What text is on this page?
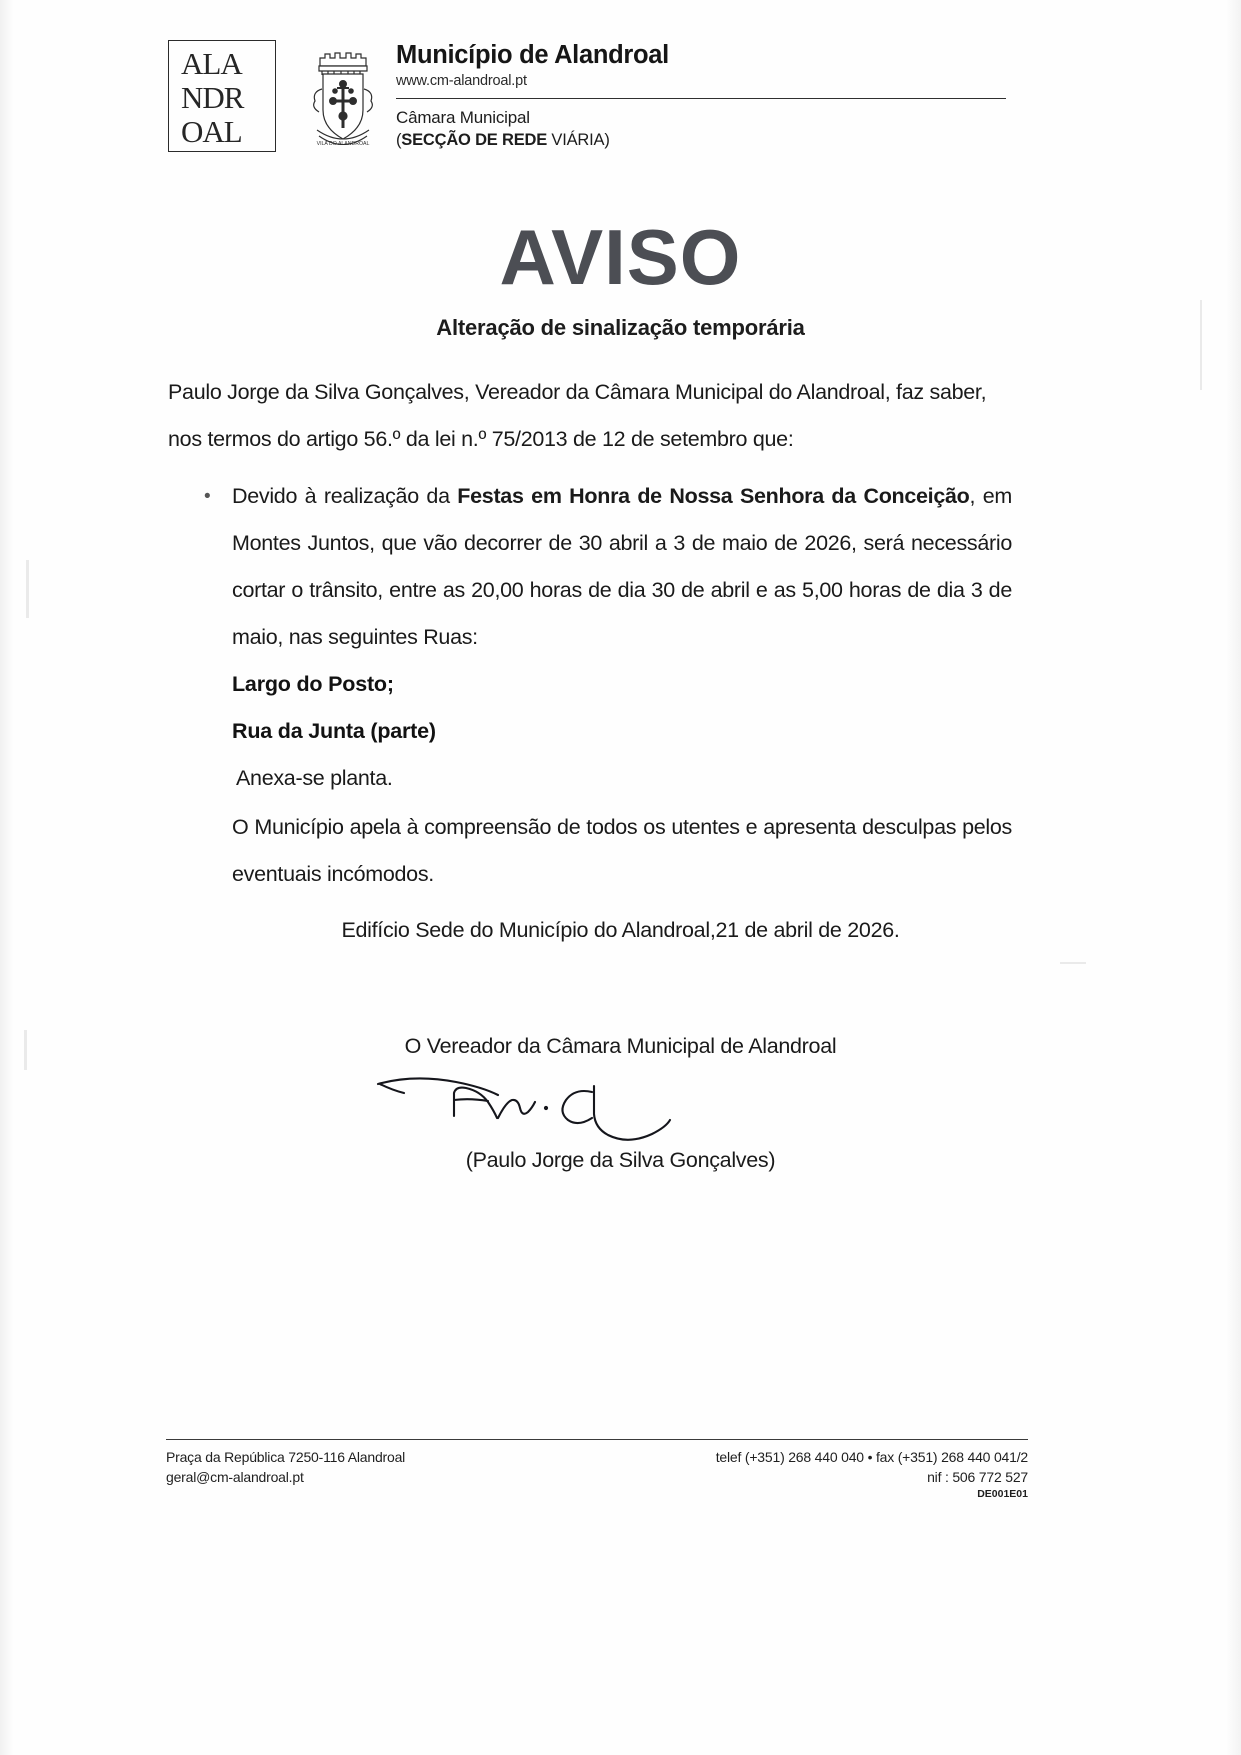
ALA
NDR
OAL	VILA DO ALANDROAL
Município de Alandroal
www.cm-alandroal.pt
Câmara Municipal
(SECÇÃO DE REDE VIÁRIA)
AVISO
Alteração de sinalização temporária
Paulo Jorge da Silva Gonçalves, Vereador da Câmara Municipal do Alandroal, faz saber, nos termos do artigo 56.º da lei n.º 75/2013 de 12 de setembro que:
• Devido à realização da Festas em Honra de Nossa Senhora da Conceição, em Montes Juntos, que vão decorrer de 30 abril a 3 de maio de 2026, será necessário cortar o trânsito, entre as 20,00 horas de dia 30 de abril e as 5,00 horas de dia 3 de maio, nas seguintes Ruas:
Largo do Posto;
Rua da Junta (parte)
Anexa-se planta.
O Município apela à compreensão de todos os utentes e apresenta desculpas pelos eventuais incómodos.
Edifício Sede do Município do Alandroal,21 de abril de 2026.
O Vereador da Câmara Municipal de Alandroal
(Paulo Jorge da Silva Gonçalves)
Praça da República 7250-116 Alandroal
geral@cm-alandroal.pt
telef (+351) 268 440 040 • fax (+351) 268 440 041/2
nif : 506 772 527
DE001E01
